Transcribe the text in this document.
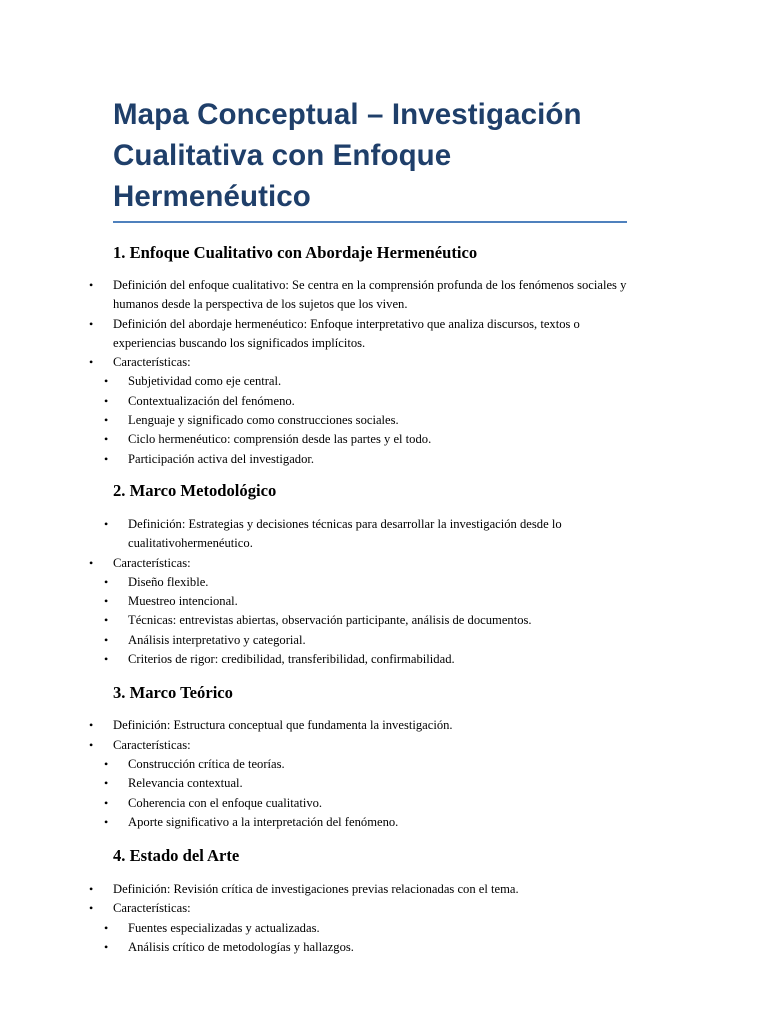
Mapa Conceptual – Investigación
Cualitativa con Enfoque Hermenéutico
1. Enfoque Cualitativo con Abordaje Hermenéutico
• Definición del enfoque cualitativo: Se centra en la comprensión profunda de los fenómenos sociales y humanos desde la perspectiva de los sujetos que los viven.
• Definición del abordaje hermenéutico: Enfoque interpretativo que analiza discursos, textos o experiencias buscando los significados implícitos.
• Características:
• Subjetividad como eje central.
• Contextualización del fenómeno.
• Lenguaje y significado como construcciones sociales.
• Ciclo hermenéutico: comprensión desde las partes y el todo.
• Participación activa del investigador.
2. Marco Metodológico
• Definición: Estrategias y decisiones técnicas para desarrollar la investigación desde lo cualitativohermenéutico.
• Características:
• Diseño flexible.
• Muestreo intencional.
• Técnicas: entrevistas abiertas, observación participante, análisis de documentos.
• Análisis interpretativo y categorial.
• Criterios de rigor: credibilidad, transferibilidad, confirmabilidad.
3. Marco Teórico
• Definición: Estructura conceptual que fundamenta la investigación.
• Características:
• Construcción crítica de teorías.
• Relevancia contextual.
• Coherencia con el enfoque cualitativo.
• Aporte significativo a la interpretación del fenómeno.
4. Estado del Arte
• Definición: Revisión crítica de investigaciones previas relacionadas con el tema.
• Características:
• Fuentes especializadas y actualizadas.
• Análisis crítico de metodologías y hallazgos.
